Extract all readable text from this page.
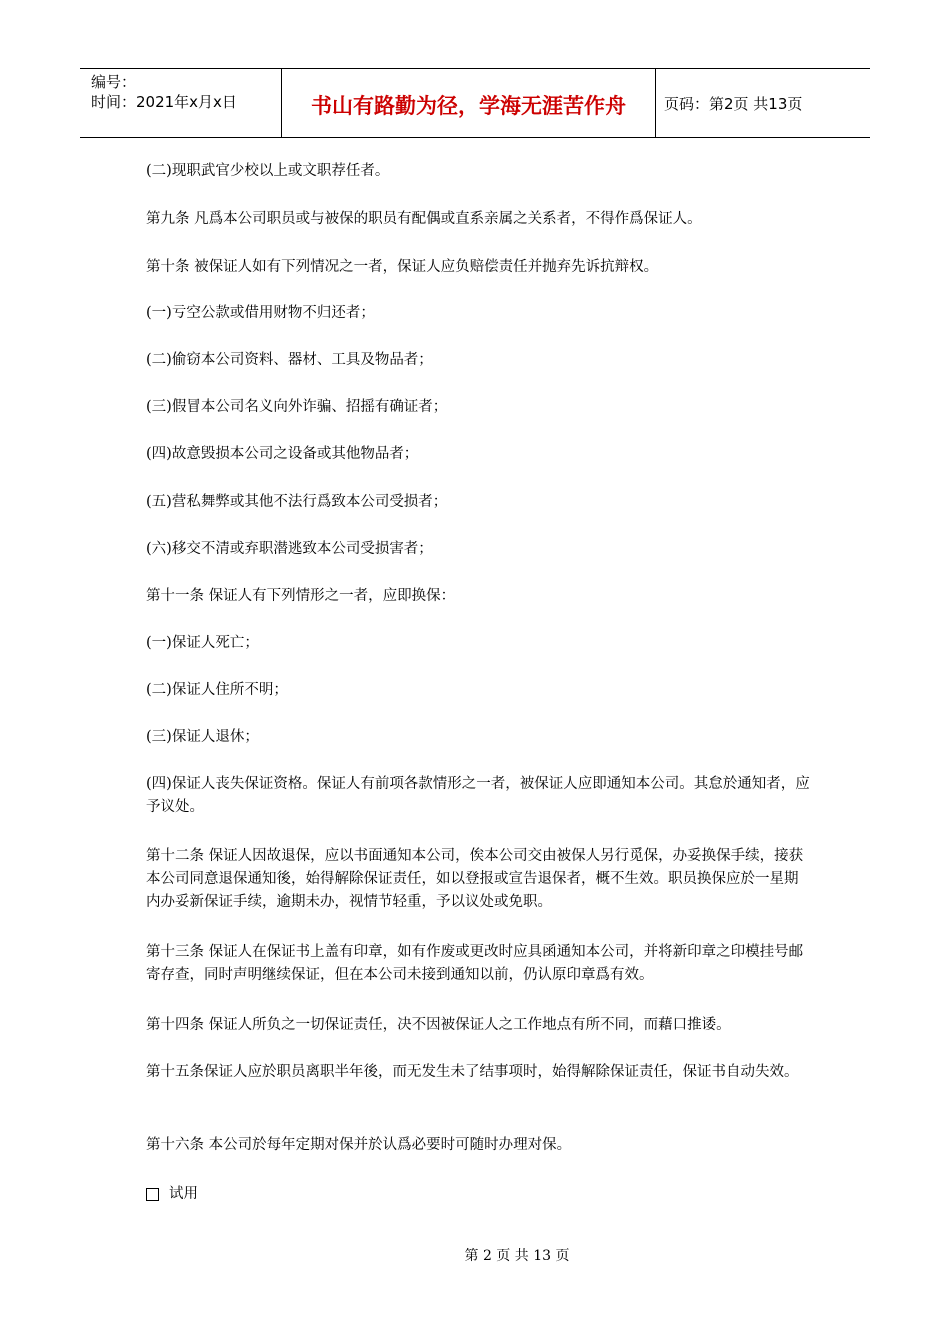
编号：
时间：2021年x月x日	书山有路勤为径，学海无涯苦作舟	页码：第2页 共13页

(二)现职武官少校以上或文职荐任者。

第九条 凡爲本公司职员或与被保的职员有配偶或直系亲属之关系者，不得作爲保证人。

第十条 被保证人如有下列情况之一者，保证人应负赔偿责任并抛弃先诉抗辩权。

(一)亏空公款或借用财物不归还者；

(二)偷窃本公司资料、器材、工具及物品者；

(三)假冒本公司名义向外诈骗、招摇有确证者；

(四)故意毁损本公司之设备或其他物品者；

(五)营私舞弊或其他不法行爲致本公司受损者；

(六)移交不清或弃职潜逃致本公司受损害者；

第十一条 保证人有下列情形之一者，应即换保：

(一)保证人死亡；

(二)保证人住所不明；

(三)保证人退休；

(四)保证人丧失保证资格。保证人有前项各款情形之一者，被保证人应即通知本公司。其怠於通知者，应予议处。

第十二条 保证人因故退保，应以书面通知本公司，俟本公司交由被保人另行觅保，办妥换保手续，接获本公司同意退保通知後，始得解除保证责任，如以登报或宣告退保者，概不生效。职员换保应於一星期内办妥新保证手续，逾期未办，视情节轻重，予以议处或免职。

第十三条 保证人在保证书上盖有印章，如有作废或更改时应具函通知本公司，并将新印章之印模挂号邮寄存查，同时声明继续保证，但在本公司未接到通知以前，仍认原印章爲有效。

第十四条 保证人所负之一切保证责任，决不因被保证人之工作地点有所不同，而藉口推诿。

第十五条保证人应於职员离职半年後，而无发生未了结事项时，始得解除保证责任，保证书自动失效。

第十六条 本公司於每年定期对保并於认爲必要时可随时办理对保。

试用
第 2 页 共 13 页
